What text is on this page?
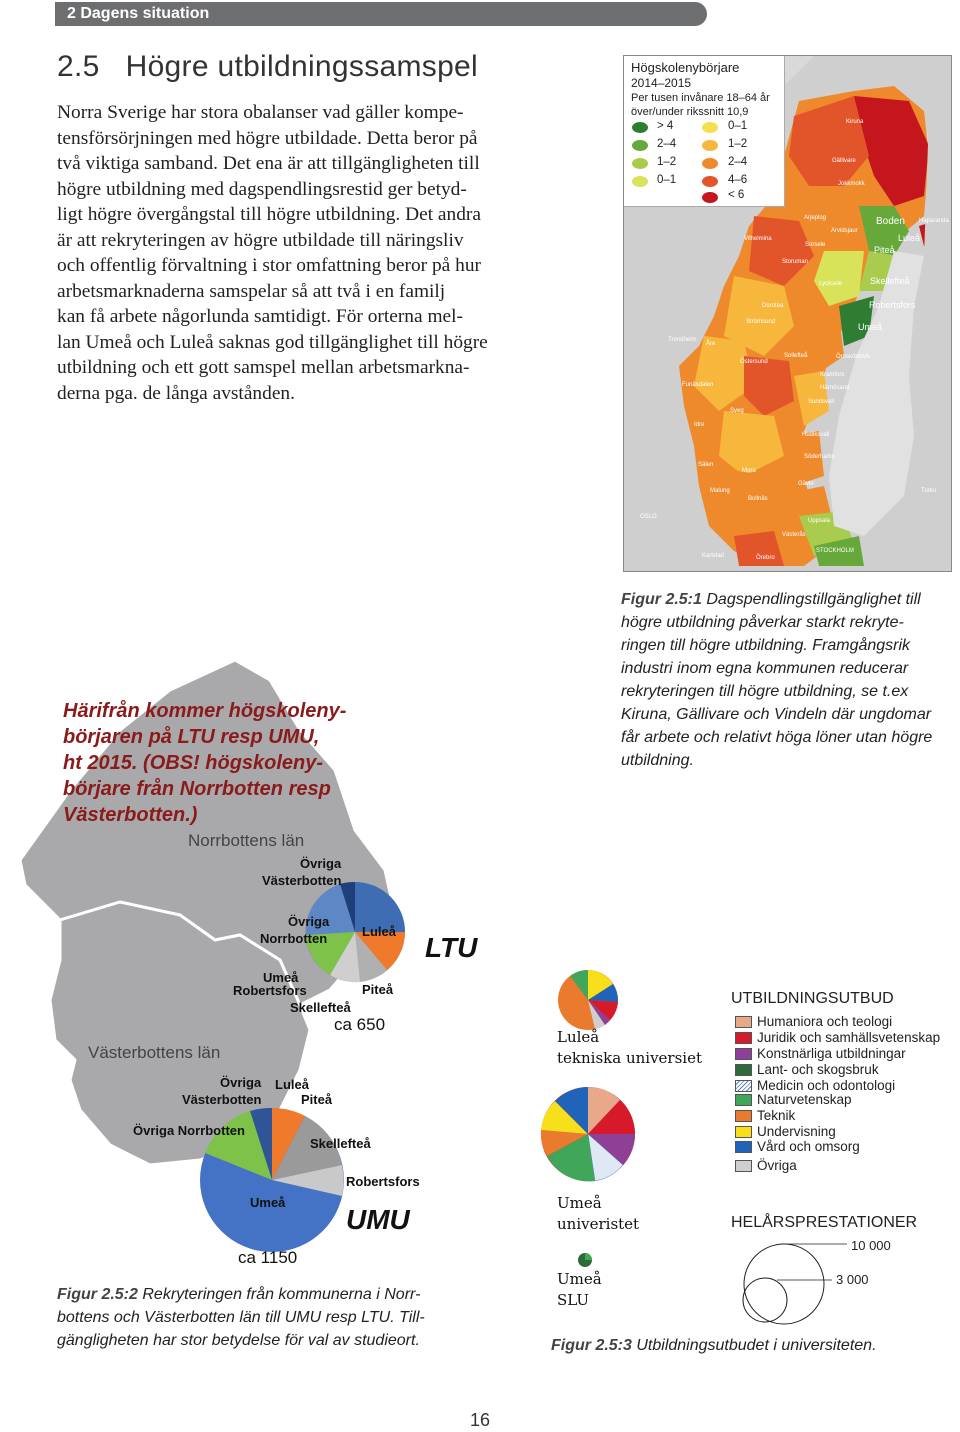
2 Dagens situation
2.5 Högre utbildningssamspel
Norra Sverige har stora obalanser vad gäller kompe-
tensförsörjningen med högre utbildade. Detta beror på
två viktiga samband. Det ena är att tillgängligheten till
högre utbildning med dagspendlingsrestid ger betyd-
ligt högre övergångstal till högre utbildning. Det andra
är att rekryteringen av högre utbildade till näringsliv
och offentlig förvaltning i stor omfattning beror på hur
arbetsmarknaderna samspelar så att två i en familj
kan få arbete någorlunda samtidigt. För orterna mel-
lan Umeå och Luleå saknas god tillgänglighet till högre
utbildning och ett gott samspel mellan arbetsmarkna-
derna pga. de långa avstånden.
Boden
Luleå
Piteå
Skellefteå
Robertsfors
Umeå
Haparanda
Kiruna
Gällivare
Arjeplog
Arvidsjaur
Sorsele
Lycksele
Dorotea
Strömsund
Trondheim
Åre
Östersund
Sollefteå	Örnsköldsvik
Kramfors
Härnösand
Sundsvall
Sveg
Hudiksvall
Söderhamn
Funäsdalen
Idre
Sälen
Mora
Malung
Bollnäs
Gävle
Uppsala
OSLO
Karlstad	Örebro
STOCKHOLM
Västerås
Turku
Vilhelmina
Storuman
Jokkmokk
Högskolenybörjare
2014–2015
Per tusen invånare 18–64 år
över/under rikssnitt 10,9
> 4
2–4
1–2
0–1
0–1
1–2
2–4
4–6
< 6
Figur 2.5:1 Dagspendlingstillgänglighet till
högre utbildning påverkar starkt rekryte-
ringen till högre utbildning. Framgångsrik
industri inom egna kommunen reducerar
rekryteringen till högre utbildning, se t.ex
Kiruna, Gällivare och Vindeln där ungdomar
får arbete och relativt höga löner utan högre
utbildning.
Härifrån kommer högskoleny-
börjaren på LTU resp UMU,
ht 2015. (OBS! högskoleny-
börjare från Norrbotten resp
Västerbotten.)
Norrbottens län
Västerbottens län
Övriga
Västerbotten
Övriga
Norrbotten	Luleå
Umeå
Robertsfors	Piteå
Skellefteå
ca 650
LTU
Övriga
Västerbotten
Luleå
Piteå
Övriga Norrbotten
Skellefteå
Robertsfors
Umeå
UMU
ca 1150
Figur 2.5:2 Rekryteringen från kommunerna i Norr-
bottens och Västerbotten län till UMU resp LTU. Till-
gängligheten har stor betydelse för val av studieort.
Luleå
tekniska universiet
Umeå
univeristet
Umeå
SLU
UTBILDNINGSUTBUD
Humaniora och teologi
Juridik och samhällsvetenskap
Konstnärliga utbildningar
Lant- och skogsbruk
Medicin och odontologi
Naturvetenskap
Teknik
Undervisning
Vård och omsorg
Övriga
HELÅRSPRESTATIONER
10 000
3 000
Figur 2.5:3 Utbildningsutbudet i universiteten.
16
